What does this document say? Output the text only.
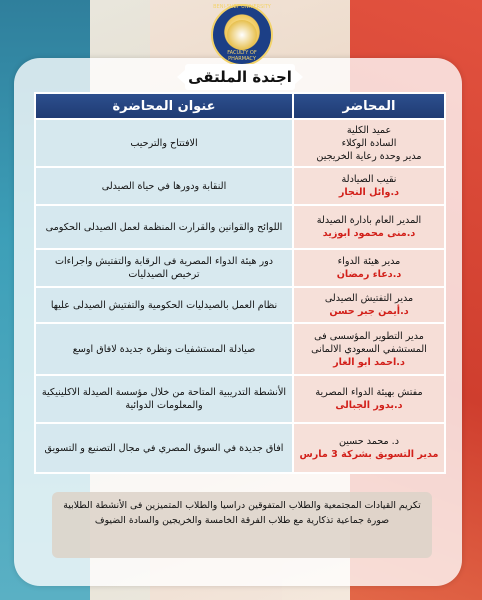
BENI-SUEF UNIVERSITY
FACULTY OF PHARMACY
اجندة الملتقى
المحاضر	عنوان المحاضرة

عميد الكلية
السادة الوكلاء
مدير وحدة رعاية الخريجين	الافتتاح والترحيب

نقيب الصيادلة
د.وائل النجار	النقابة ودورها في حياة الصيدلى

المدير العام بادارة الصيدلة
د.منى محمود ابوزيد	اللوائح والقوانين والقرارت المنظمة لعمل الصيدلى الحكومى

مدير هيئة الدواء
د.دعاء رمضان	دور هيئة الدواء المصرية فى الرقابة والتفتيش واجراءات ترخيص الصيدليات

مدير التفتيش الصيدلى
د.أيمن جبر حسن	نظام العمل بالصيدليات الحكومية والتفتيش الصيدلى عليها

مدير التطوير المؤسسى فى
المستشفي السعودي الالمانى
د.احمد ابو الغار	صيادلة المستشفيات ونظرة جديدة لافاق اوسع

مفتش بهيئة الدواء المصرية
د.بدور الجبالى	الأنشطة التدريبية المتاحة من خلال مؤسسة الصيدلة الاكلينيكية والمعلومات الدوائية

د. محمد حسين
مدير التسويق بشركة 3 مارس	افاق جديدة في السوق المصري في مجال التصنيع و التسويق
تكريم القيادات المجتمعية والطلاب المتفوقين دراسيا والطلاب المتميزين فى الأنشطة الطلابية
صورة جماعية تذكارية مع طلاب الفرقة الخامسة والخريجين والسادة الضيوف
